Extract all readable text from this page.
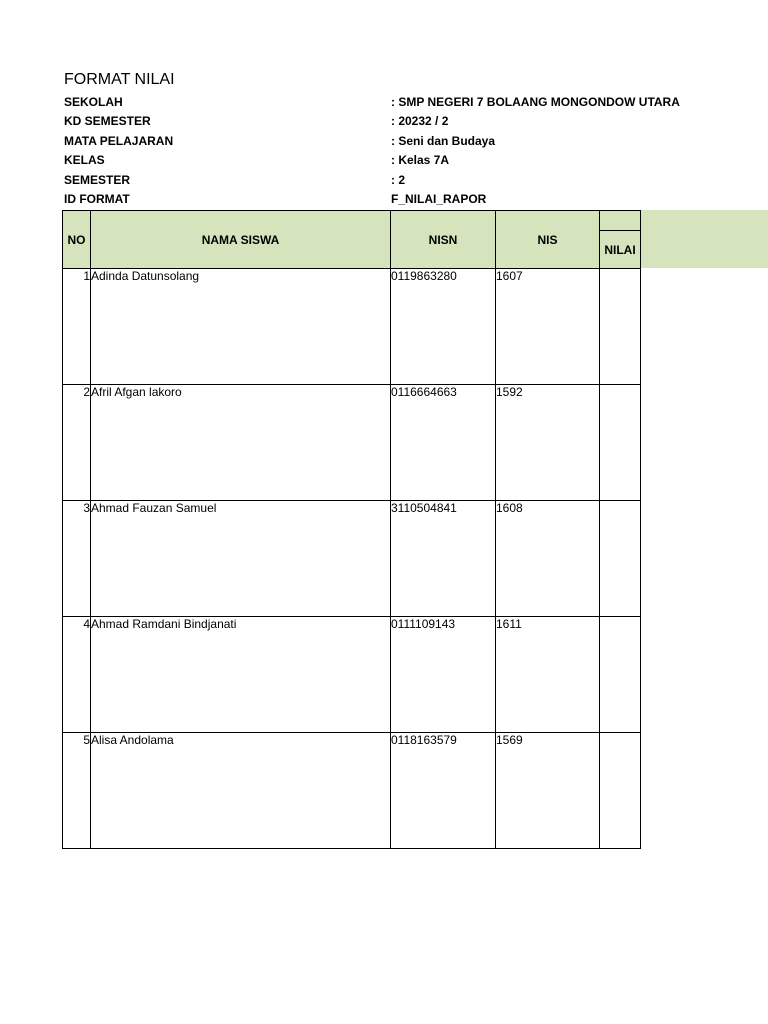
FORMAT NILAI
SEKOLAH	: SMP NEGERI 7 BOLAANG MONGONDOW UTARA
KD SEMESTER	: 20232 / 2
MATA PELAJARAN	: Seni dan Budaya
KELAS	: Kelas 7A
SEMESTER	: 2
ID FORMAT	F_NILAI_RAPOR
NO	NAMA SISWA	NISN	NIS	
				NILAI
1	Adinda Datunsolang	0119863280	1607	
2	Afril Afgan lakoro	0116664663	1592	
3	Ahmad Fauzan Samuel	3110504841	1608	
4	Ahmad Ramdani Bindjanati	0111109143	1611	
5	Alisa Andolama	0118163579	1569	
